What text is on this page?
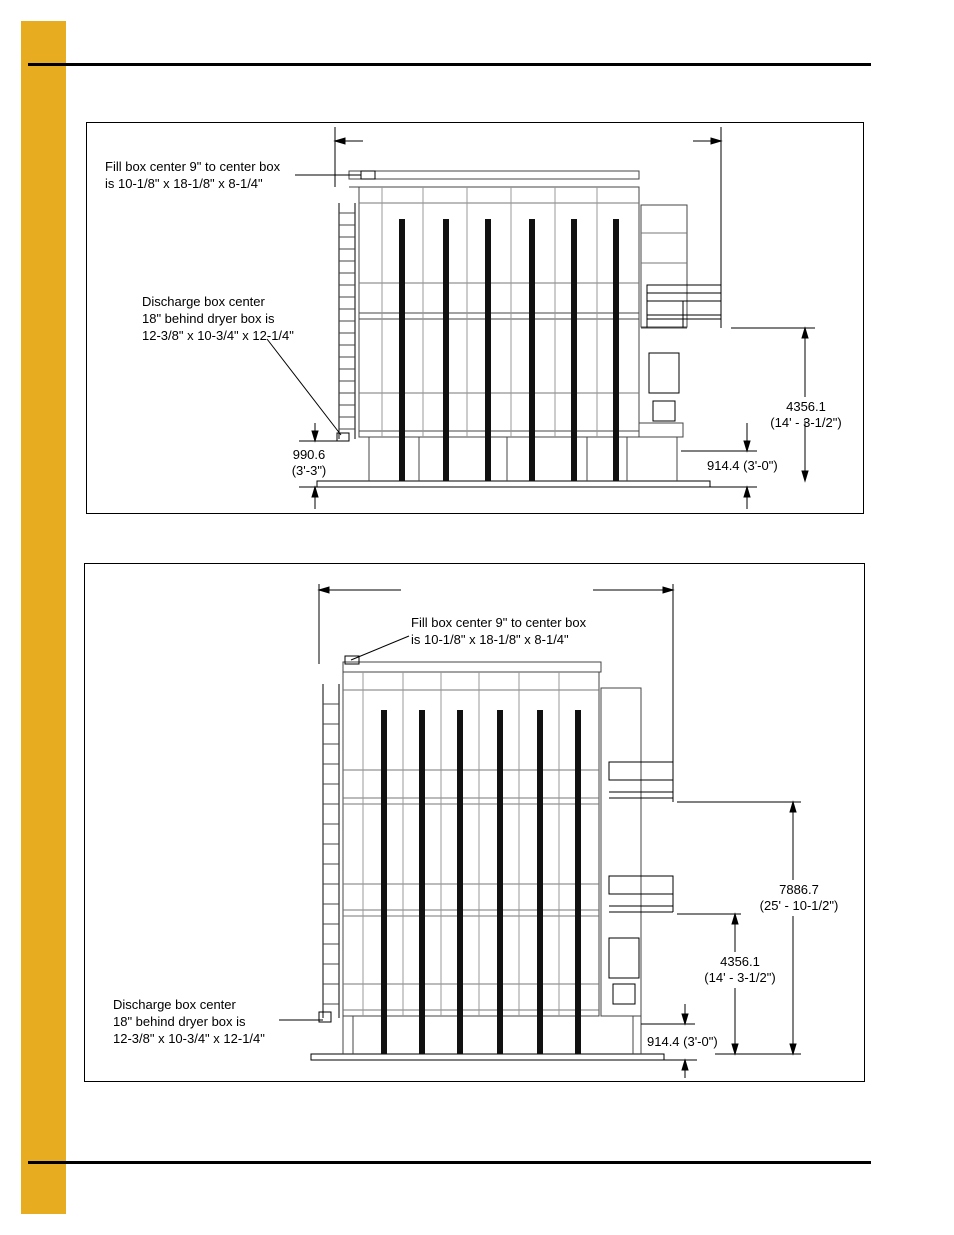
Fill box center 9" to center box
is 10-1/8" x 18-1/8" x 8-1/4"
Discharge box center
18" behind dryer box is
12-3/8" x 10-3/4" x 12-1/4"
990.6
(3'-3")	914.4 (3'-0")
4356.1
(14' - 3-1/2")
Fill box center 9" to center box
is 10-1/8" x 18-1/8" x 8-1/4"
Discharge box center
18" behind dryer box is
12-3/8" x 10-3/4" x 12-1/4"
7886.7
(25' - 10-1/2")
4356.1
(14' - 3-1/2")
914.4 (3'-0")
